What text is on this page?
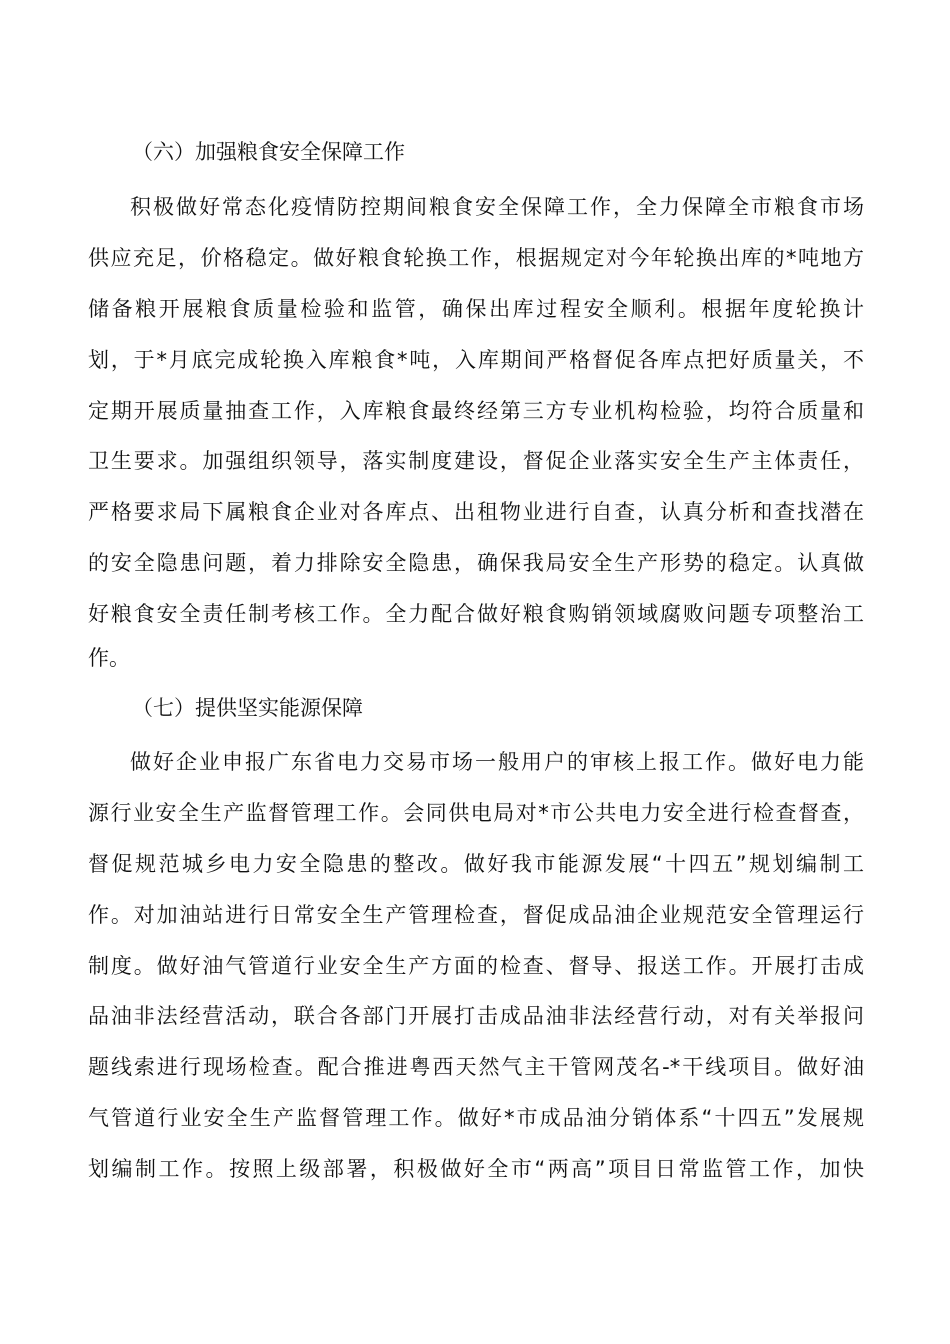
（六）加强粮食安全保障工作
积极做好常态化疫情防控期间粮食安全保障工作，全力保障全市粮食市场
供应充足，价格稳定。做好粮食轮换工作，根据规定对今年轮换出库的*吨地方
储备粮开展粮食质量检验和监管，确保出库过程安全顺利。根据年度轮换计
划，于*月底完成轮换入库粮食*吨，入库期间严格督促各库点把好质量关，不
定期开展质量抽查工作，入库粮食最终经第三方专业机构检验，均符合质量和
卫生要求。加强组织领导，落实制度建设，督促企业落实安全生产主体责任，
严格要求局下属粮食企业对各库点、出租物业进行自查，认真分析和查找潜在
的安全隐患问题，着力排除安全隐患，确保我局安全生产形势的稳定。认真做
好粮食安全责任制考核工作。全力配合做好粮食购销领域腐败问题专项整治工
作。
（七）提供坚实能源保障
做好企业申报广东省电力交易市场一般用户的审核上报工作。做好电力能
源行业安全生产监督管理工作。会同供电局对*市公共电力安全进行检查督查，
督促规范城乡电力安全隐患的整改。做好我市能源发展“十四五”规划编制工
作。对加油站进行日常安全生产管理检查，督促成品油企业规范安全管理运行
制度。做好油气管道行业安全生产方面的检查、督导、报送工作。开展打击成
品油非法经营活动，联合各部门开展打击成品油非法经营行动，对有关举报问
题线索进行现场检查。配合推进粤西天然气主干管网茂名-*干线项目。做好油
气管道行业安全生产监督管理工作。做好*市成品油分销体系“十四五”发展规
划编制工作。按照上级部署，积极做好全市“两高”项目日常监管工作，加快
